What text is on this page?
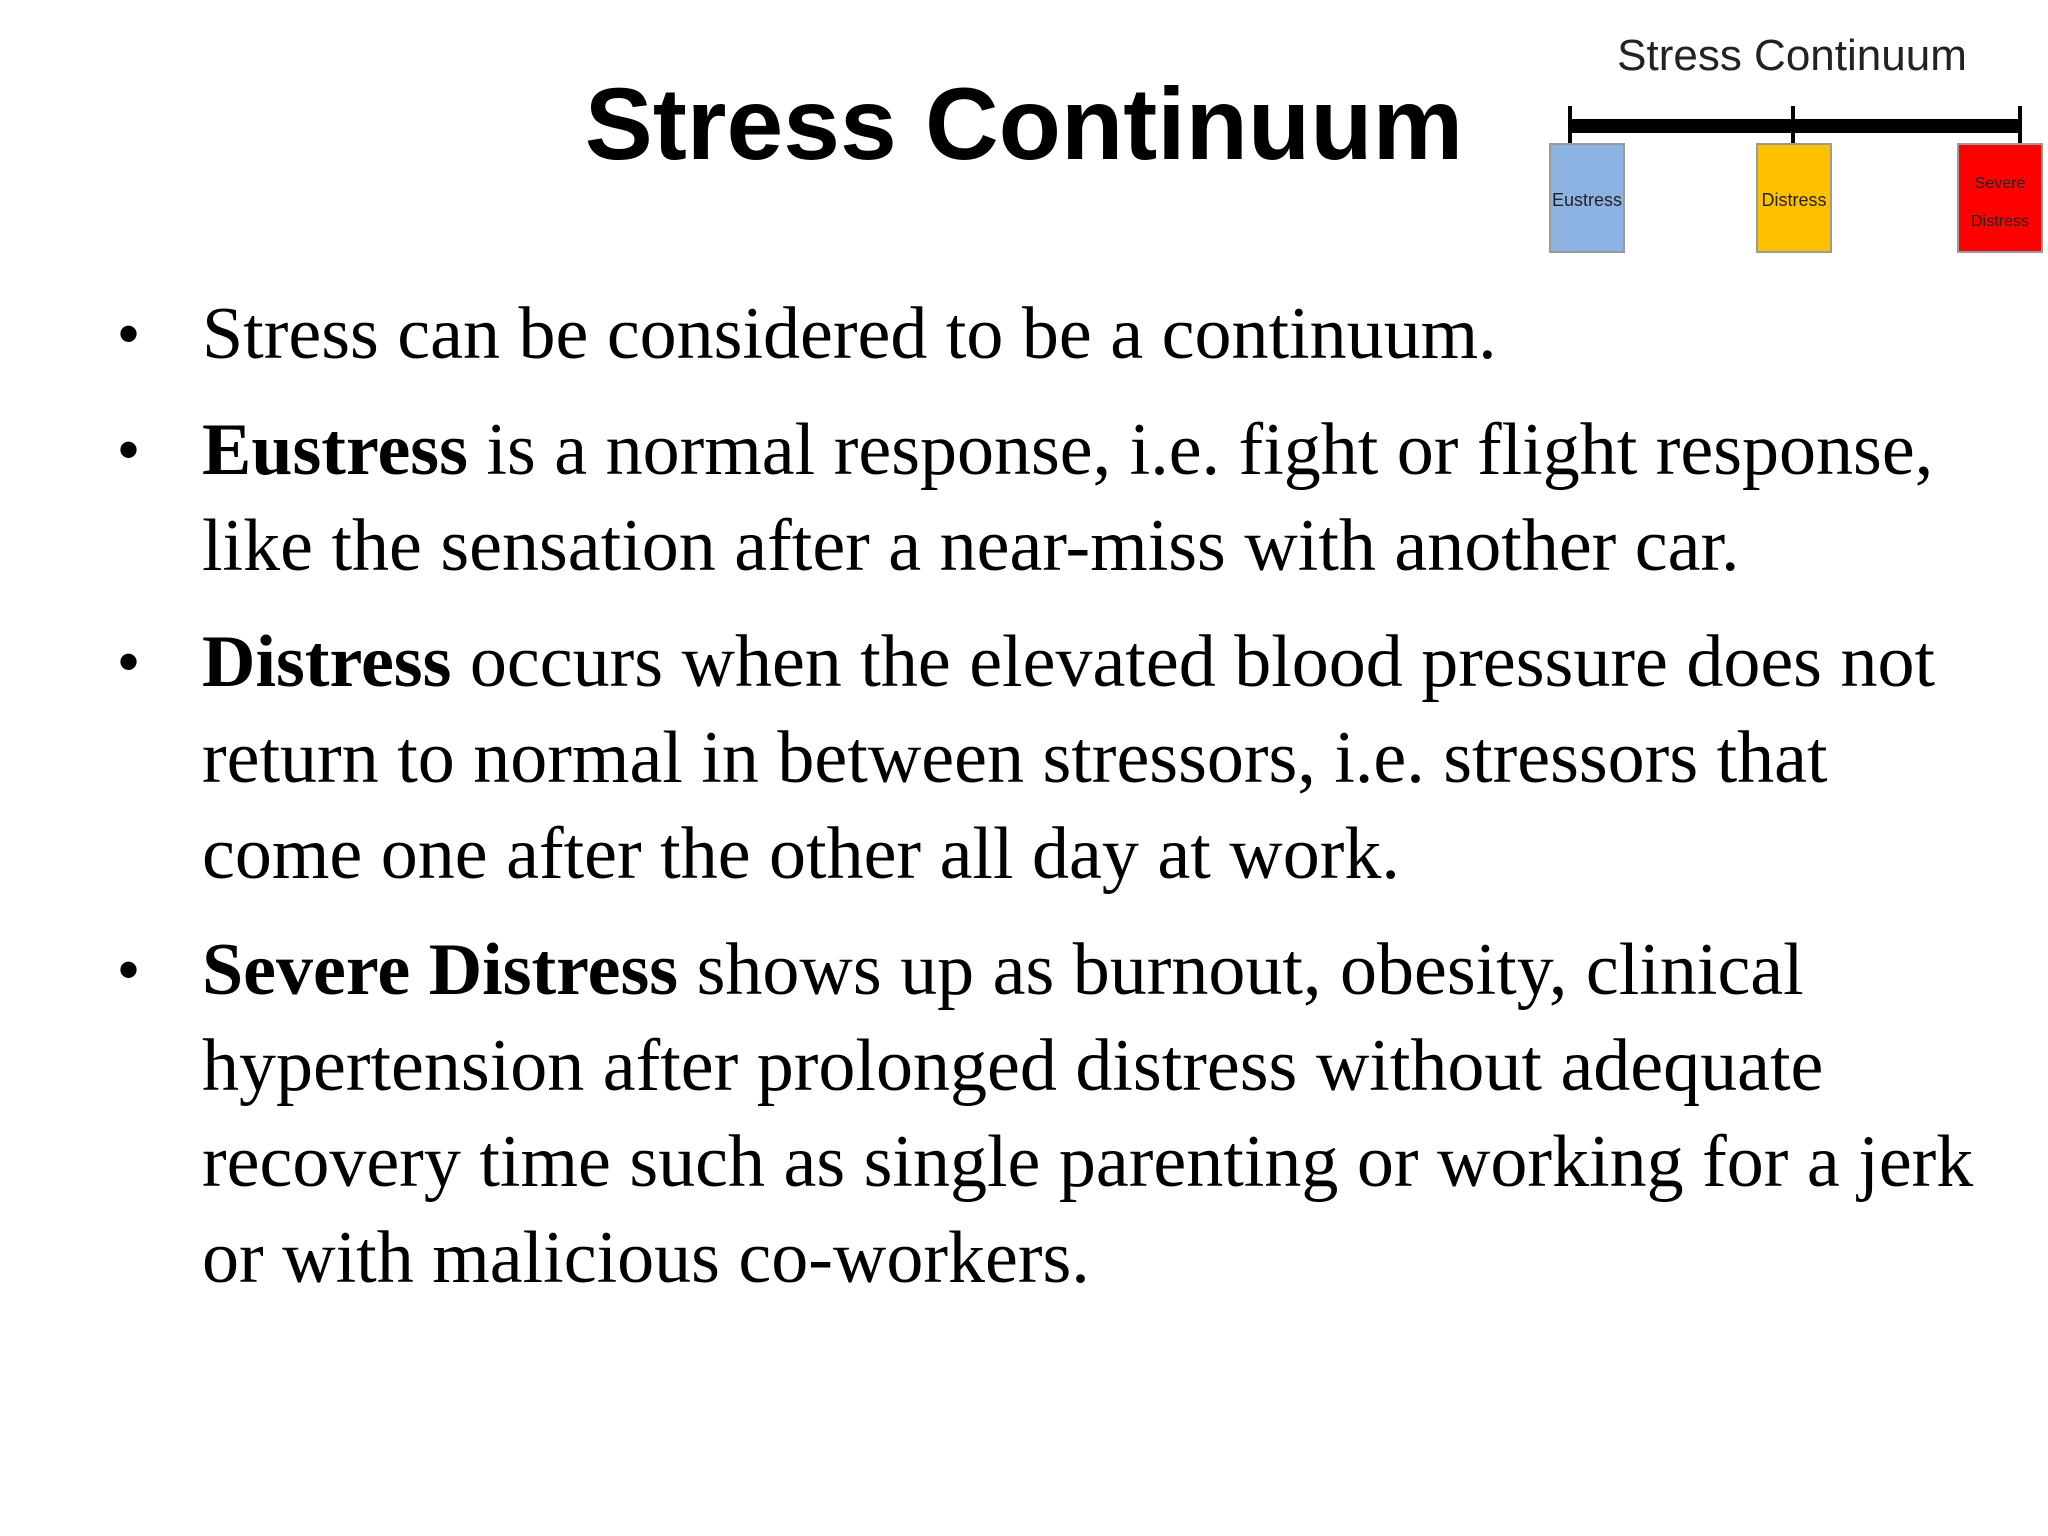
Stress Continuum
Stress Continuum
Eustress	Distress
Severe
Distress
• Stress can be considered to be a continuum.
• Eustress is a normal response, i.e. fight or flight response, like the sensation after a near-miss with another car.
• Distress occurs when the elevated blood pressure does not return to normal in between stressors, i.e. stressors that come one after the other all day at work.
• Severe Distress shows up as burnout, obesity, clinical hypertension after prolonged distress without adequate recovery time such as single parenting or working for a jerk or with malicious co-workers.
